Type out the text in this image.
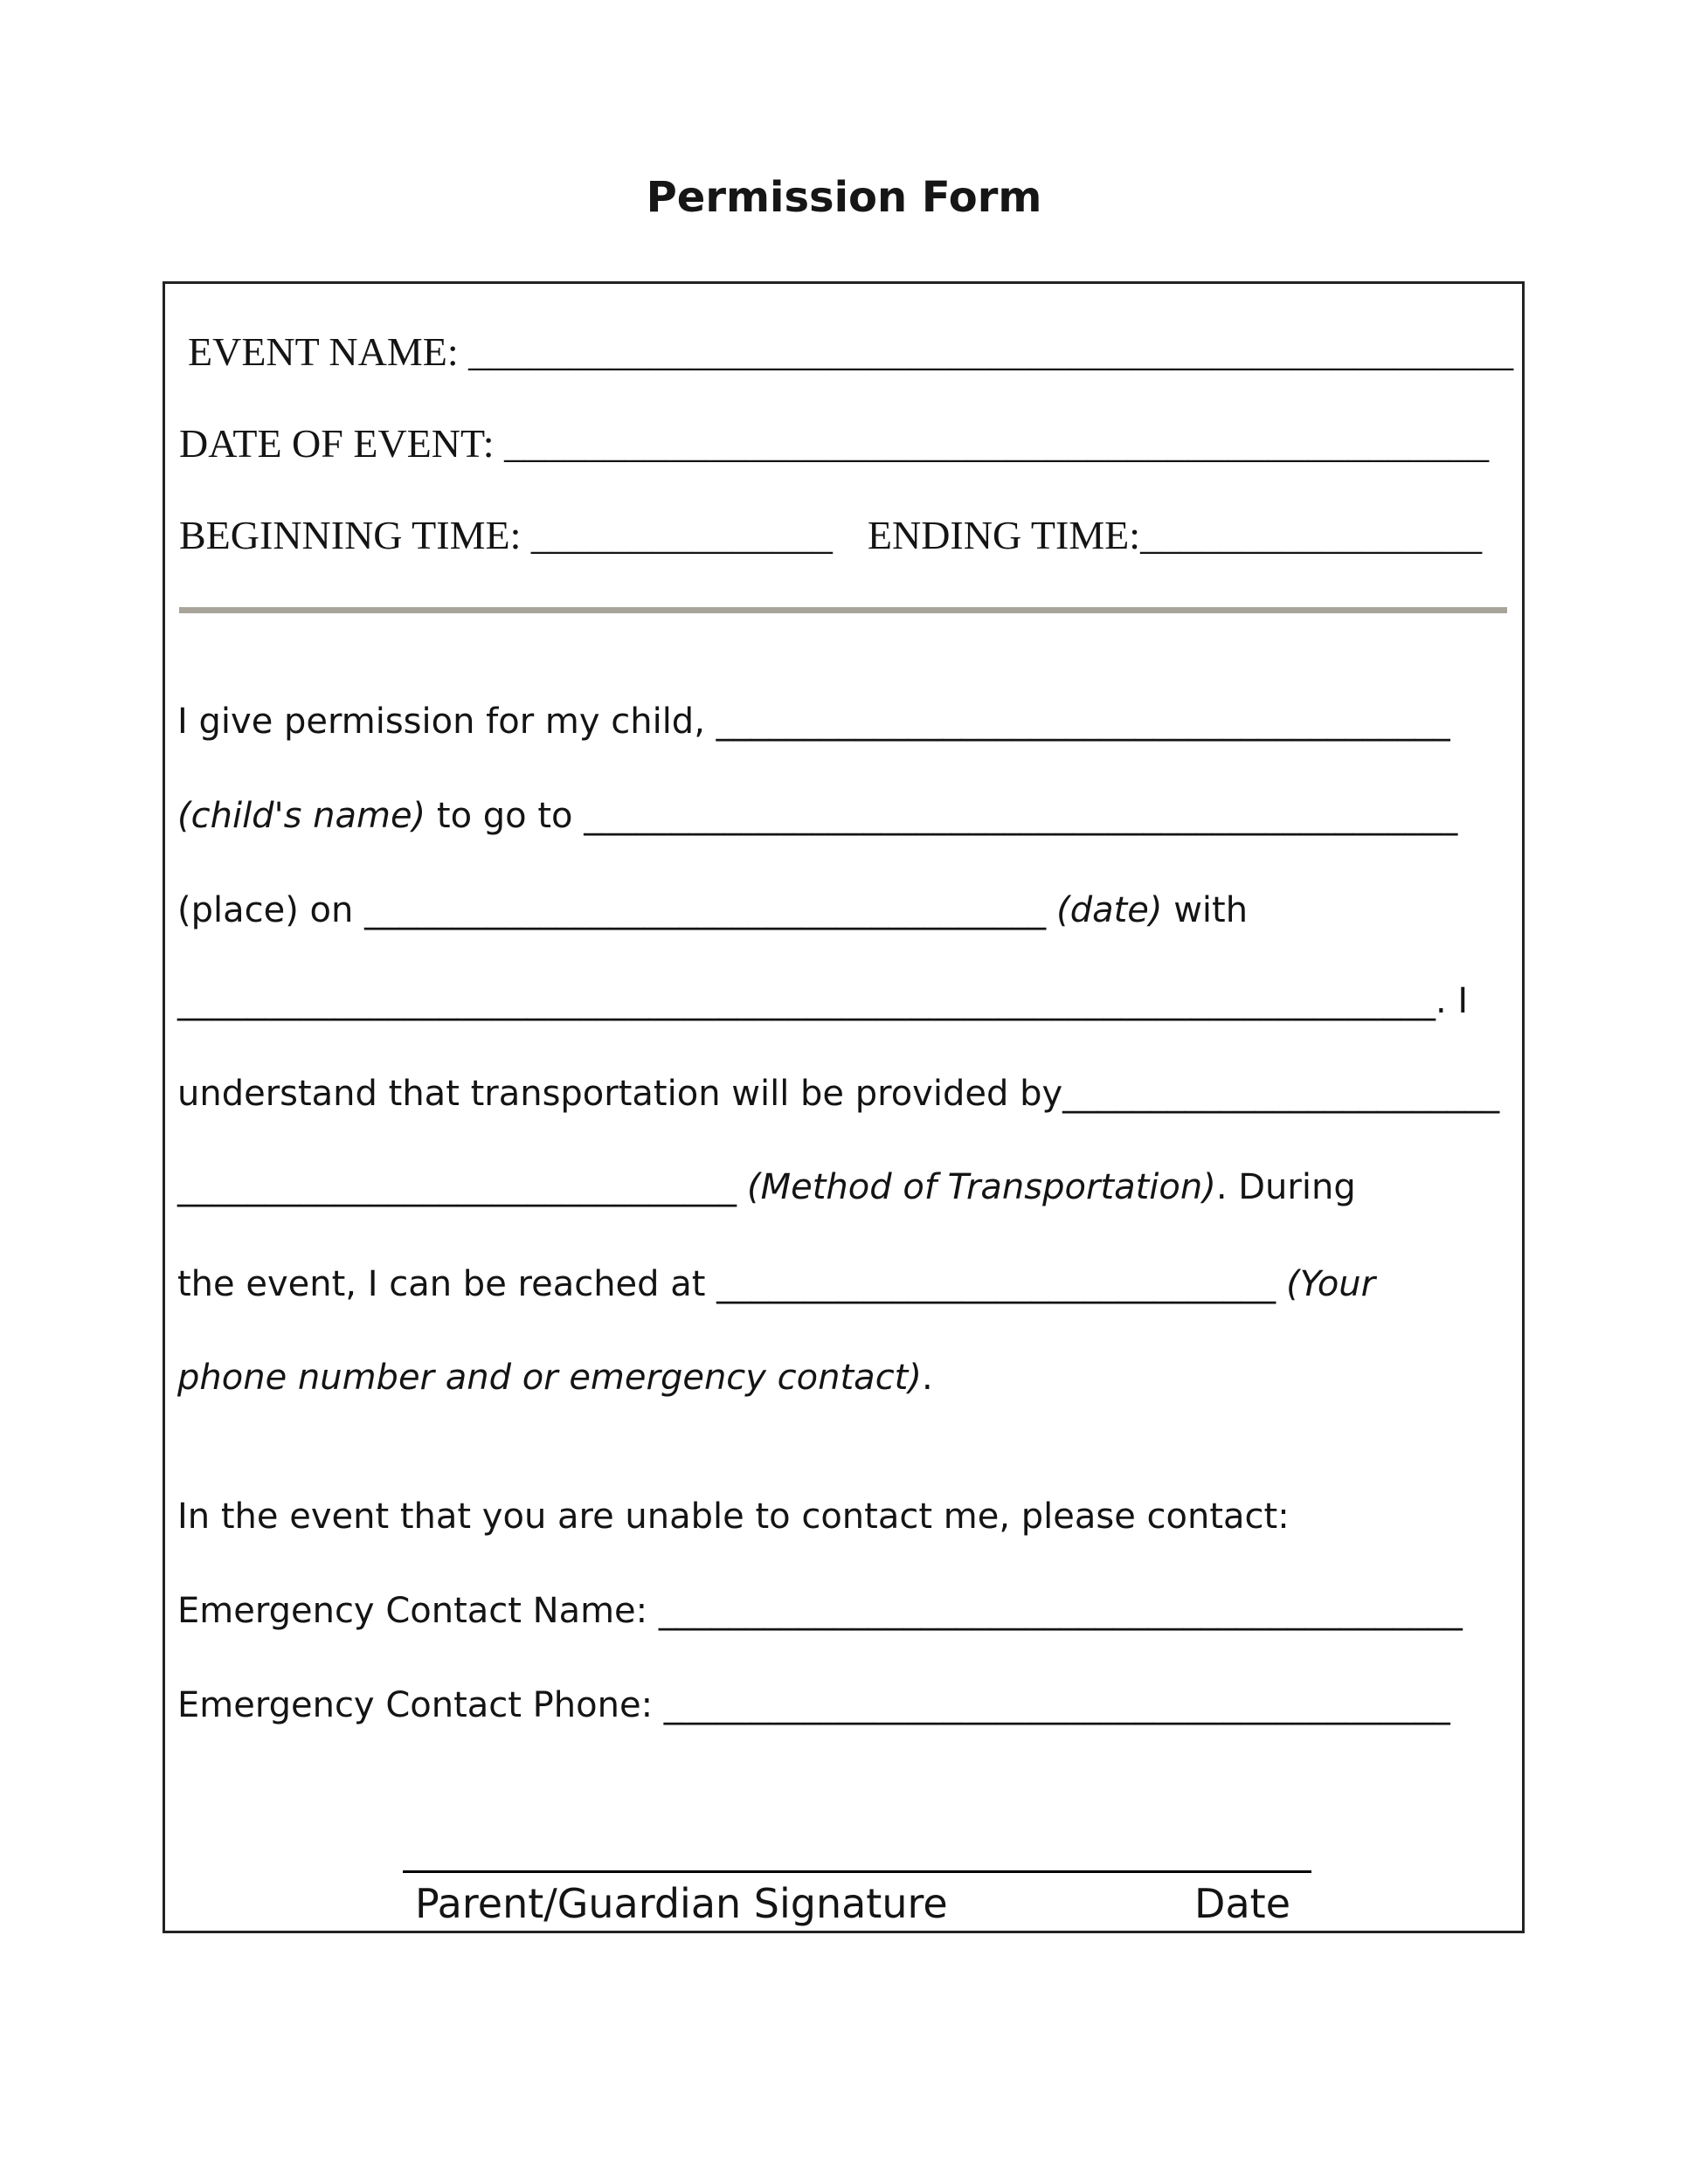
Permission Form
EVENT NAME: ____________________________________________________
DATE OF EVENT: _________________________________________________
BEGINNING TIME: _______________ ENDING TIME:_________________
I give permission for my child, __________________________________________
(child's name) to go to __________________________________________________
(place) on _______________________________________ (date) with
________________________________________________________________________. I
understand that transportation will be provided by_________________________
________________________________ (Method of Transportation). During
the event, I can be reached at ________________________________ (Your
phone number and or emergency contact).
In the event that you are unable to contact me, please contact:
Emergency Contact Name: ______________________________________________
Emergency Contact Phone: _____________________________________________
Parent/Guardian Signature	Date
